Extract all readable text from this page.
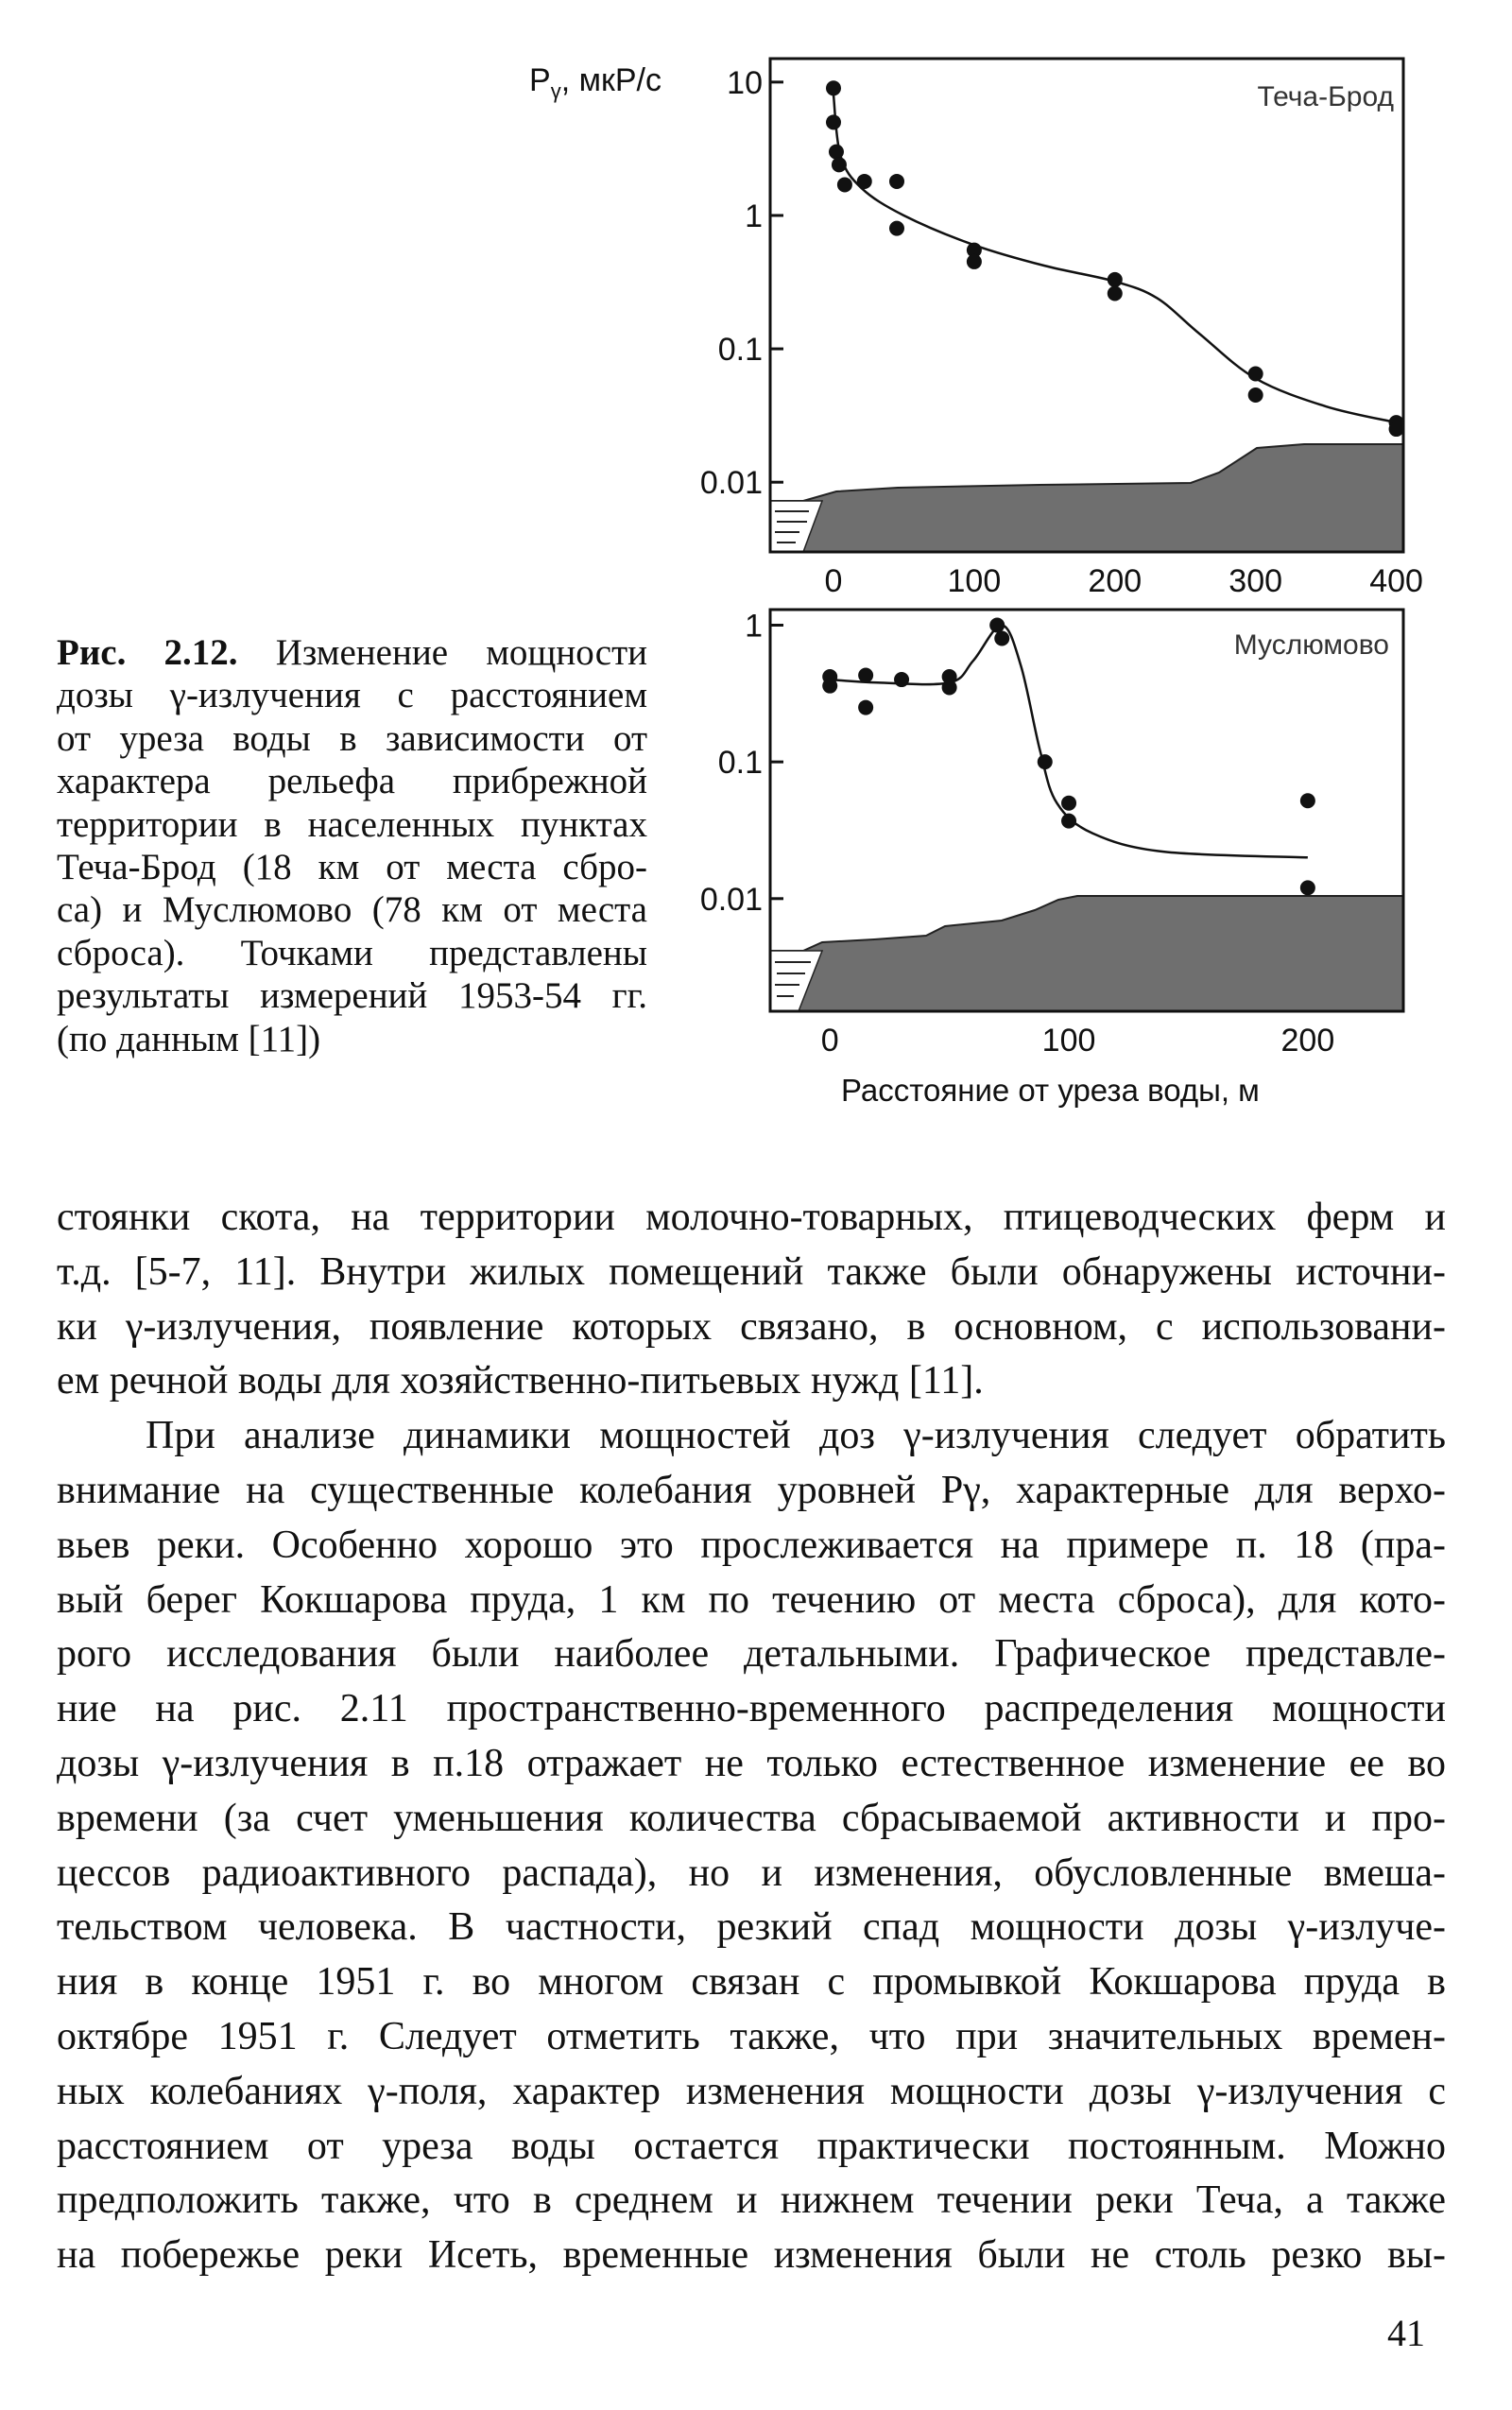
$P_\gamma$, мкР/с 10
1
0.1
0.01
0	100	200	300	400
Теча-Брод
1
0.1
0.01
0	100	200
Муслюмово
Расстояние от уреза воды, м
Рис. 2.12. Изменение мощности
дозы γ-излучения с расстоянием
от уреза воды в зависимости от
характера рельефа прибрежной
территории в населенных пунктах
Теча-Брод (18 км от места сбро-
са) и Муслюмово (78 км от места
сброса). Точками представлены
результаты измерений 1953-54 гг.
(по данным [11])
стоянки скота, на территории молочно-товарных, птицеводческих ферм и
т.д. [5-7, 11]. Внутри жилых помещений также были обнаружены источни-
ки γ-излучения, появление которых связано, в основном, с использовани-
ем речной воды для хозяйственно-питьевых нужд [11].
При анализе динамики мощностей доз γ-излучения следует обратить
внимание на существенные колебания уровней Pγ, характерные для верхо-
вьев реки. Особенно хорошо это прослеживается на примере п. 18 (пра-
вый берег Кокшарова пруда, 1 км по течению от места сброса), для кото-
рого исследования были наиболее детальными. Графическое представле-
ние на рис. 2.11 пространственно-временного распределения мощности
дозы γ-излучения в п.18 отражает не только естественное изменение ее во
времени (за счет уменьшения количества сбрасываемой активности и про-
цессов радиоактивного распада), но и изменения, обусловленные вмеша-
тельством человека. В частности, резкий спад мощности дозы γ-излуче-
ния в конце 1951 г. во многом связан с промывкой Кокшарова пруда в
октябре 1951 г. Следует отметить также, что при значительных времен-
ных колебаниях γ-поля, характер изменения мощности дозы γ-излучения с
расстоянием от уреза воды остается практически постоянным. Можно
предположить также, что в среднем и нижнем течении реки Теча, а также
на побережье реки Исеть, временные изменения были не столь резко вы-
41
